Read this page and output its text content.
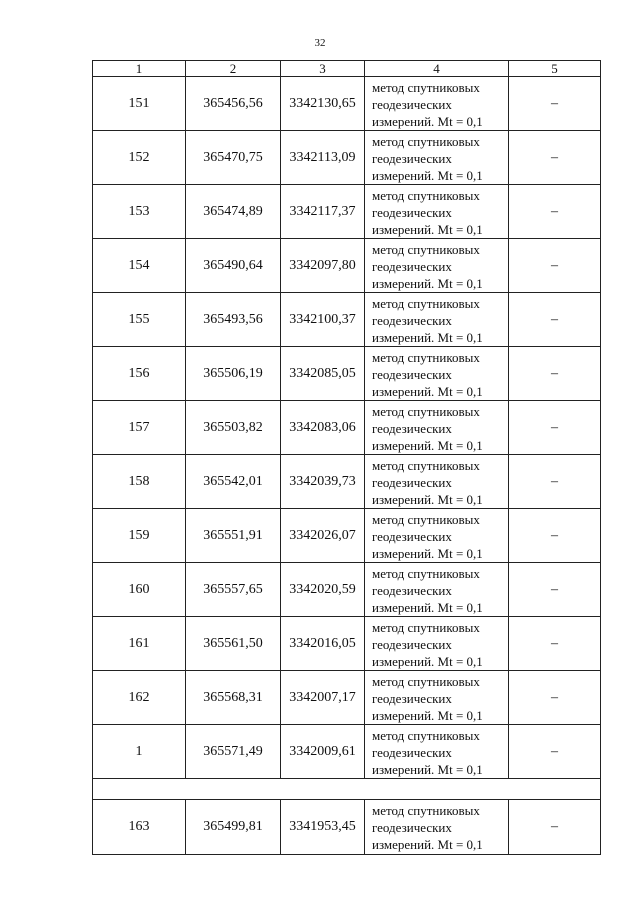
32
1	2	3	4	5
151	365456,56	3342130,65	метод спутниковых
геодезических
измерений. Mt = 0,1	–
152	365470,75	3342113,09	метод спутниковых
геодезических
измерений. Mt = 0,1	–
153	365474,89	3342117,37	метод спутниковых
геодезических
измерений. Mt = 0,1	–
154	365490,64	3342097,80	метод спутниковых
геодезических
измерений. Mt = 0,1	–
155	365493,56	3342100,37	метод спутниковых
геодезических
измерений. Mt = 0,1	–
156	365506,19	3342085,05	метод спутниковых
геодезических
измерений. Mt = 0,1	–
157	365503,82	3342083,06	метод спутниковых
геодезических
измерений. Mt = 0,1	–
158	365542,01	3342039,73	метод спутниковых
геодезических
измерений. Mt = 0,1	–
159	365551,91	3342026,07	метод спутниковых
геодезических
измерений. Mt = 0,1	–
160	365557,65	3342020,59	метод спутниковых
геодезических
измерений. Mt = 0,1	–
161	365561,50	3342016,05	метод спутниковых
геодезических
измерений. Mt = 0,1	–
162	365568,31	3342007,17	метод спутниковых
геодезических
измерений. Mt = 0,1	–
1	365571,49	3342009,61	метод спутниковых
геодезических
измерений. Mt = 0,1	–

163	365499,81	3341953,45	метод спутниковых
геодезических
измерений. Mt = 0,1	–
